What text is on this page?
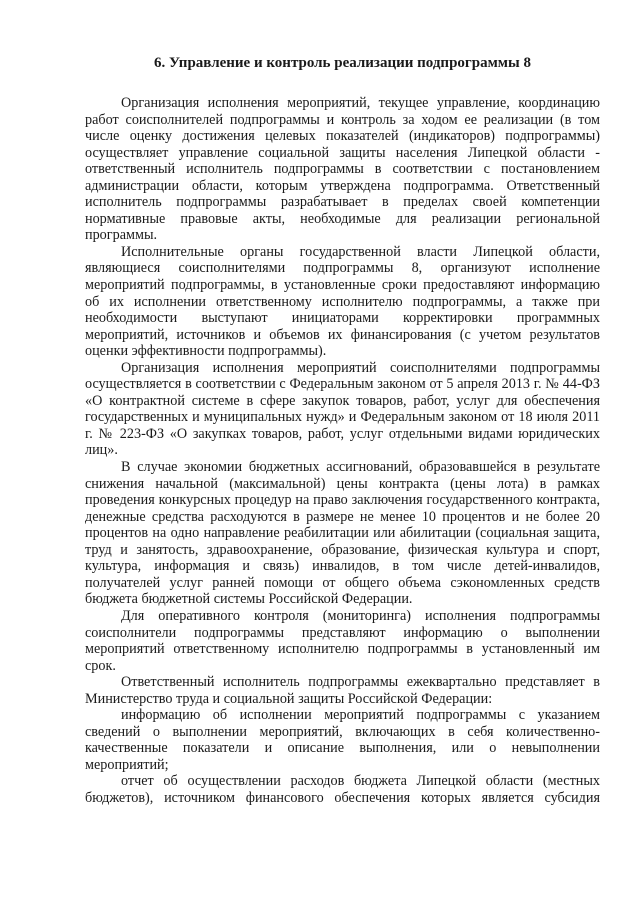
6. Управление и контроль реализации подпрограммы 8

Организация исполнения мероприятий, текущее управление, координацию работ соисполнителей подпрограммы и контроль за ходом ее реализации (в том числе оценку достижения целевых показателей (индикаторов) подпрограммы) осуществляет управление социальной защиты населения Липецкой области - ответственный исполнитель подпрограммы в соответствии с постановлением администрации области, которым утверждена подпрограмма. Ответственный исполнитель подпрограммы разрабатывает в пределах своей компетенции нормативные правовые акты, необходимые для реализации региональной программы.

Исполнительные органы государственной власти Липецкой области, являющиеся соисполнителями подпрограммы 8, организуют исполнение мероприятий подпрограммы, в установленные сроки предоставляют информацию об их исполнении ответственному исполнителю подпрограммы, а также при необходимости выступают инициаторами корректировки программных мероприятий, источников и объемов их финансирования (с учетом результатов оценки эффективности подпрограммы).

Организация исполнения мероприятий соисполнителями подпрограммы осуществляется в соответствии с Федеральным законом от 5 апреля 2013 г. № 44-ФЗ «О контрактной системе в сфере закупок товаров, работ, услуг для обеспечения государственных и муниципальных нужд» и Федеральным законом от 18 июля 2011 г. № 223-ФЗ «О закупках товаров, работ, услуг отдельными видами юридических лиц».

В случае экономии бюджетных ассигнований, образовавшейся в результате снижения начальной (максимальной) цены контракта (цены лота) в рамках проведения конкурсных процедур на право заключения государственного контракта, денежные средства расходуются в размере не менее 10 процентов и не более 20 процентов на одно направление реабилитации или абилитации (социальная защита, труд и занятость, здравоохранение, образование, физическая культура и спорт, культура, информация и связь) инвалидов, в том числе детей-инвалидов, получателей услуг ранней помощи от общего объема сэкономленных средств бюджета бюджетной системы Российской Федерации.

Для оперативного контроля (мониторинга) исполнения подпрограммы соисполнители подпрограммы представляют информацию о выполнении мероприятий ответственному исполнителю подпрограммы в установленный им срок.

Ответственный исполнитель подпрограммы ежеквартально представляет в Министерство труда и социальной защиты Российской Федерации:

информацию об исполнении мероприятий подпрограммы с указанием сведений о выполнении мероприятий, включающих в себя количественно-качественные показатели и описание выполнения, или о невыполнении мероприятий;

отчет об осуществлении расходов бюджета Липецкой области (местных бюджетов), источником финансового обеспечения которых является субсидия
